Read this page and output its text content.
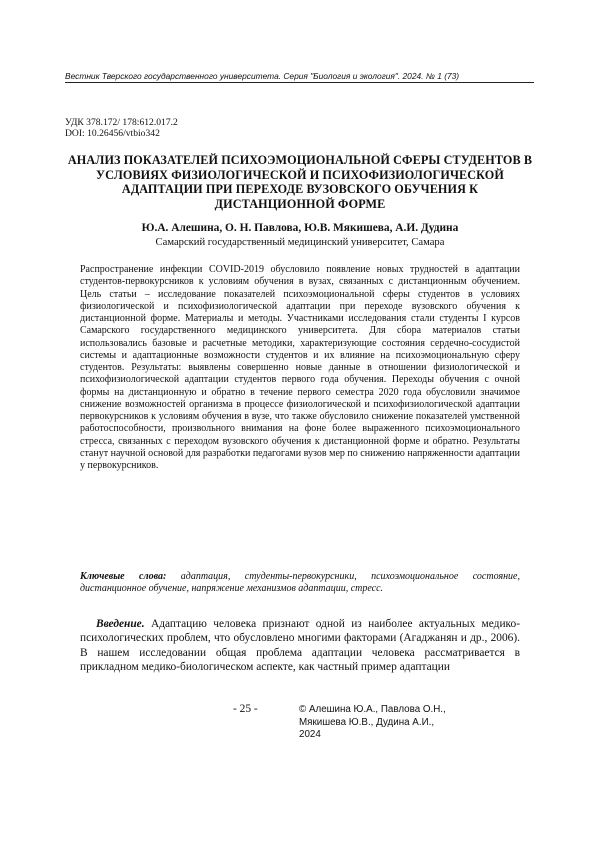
Вестник Тверского государственного университета. Серия "Биология и экология". 2024. № 1 (73)
УДК 378.172/ 178:612.017.2
DOI: 10.26456/vtbio342
АНАЛИЗ ПОКАЗАТЕЛЕЙ ПСИХОЭМОЦИОНАЛЬНОЙ СФЕРЫ СТУДЕНТОВ В УСЛОВИЯХ ФИЗИОЛОГИЧЕСКОЙ И ПСИХОФИЗИОЛОГИЧЕСКОЙ АДАПТАЦИИ ПРИ ПЕРЕХОДЕ ВУЗОВСКОГО ОБУЧЕНИЯ К ДИСТАНЦИОННОЙ ФОРМЕ
Ю.А. Алешина, О. Н. Павлова, Ю.В. Мякишева, А.И. Дудина
Самарский государственный медицинский университет, Самара

Распространение инфекции COVID-2019 обусловило появление новых трудностей в адаптации студентов-первокурсников к условиям обучения в вузах, связанных с дистанционным обучением. Цель статьи – исследование показателей психоэмоциональной сферы студентов в условиях физиологической и психофизиологической адаптации при переходе вузовского обучения к дистанционной форме. Материалы и методы. Участниками исследования стали студенты I курсов Самарского государственного медицинского университета. Для сбора материалов статьи использовались базовые и расчетные методики, характеризующие состояния сердечно-сосудистой системы и адаптационные возможности студентов и их влияние на психоэмоциональную сферу студентов. Результаты: выявлены совершенно новые данные в отношении физиологической и психофизиологической адаптации студентов первого года обучения. Переходы обучения с очной формы на дистанционную и обратно в течение первого семестра 2020 года обусловили значимое снижение возможностей организма в процессе физиологической и психофизиологической адаптации первокурсников к условиям обучения в вузе, что также обусловило снижение показателей умственной работоспособности, произвольного внимания на фоне более выраженного психоэмоционального стресса, связанных с переходом вузовского обучения к дистанционной форме и обратно. Результаты станут научной основой для разработки педагогами вузов мер по снижению напряженности адаптации у первокурсников.

Ключевые слова: адаптация, студенты-первокурсники, психоэмоциональное состояние, дистанционное обучение, напряжение механизмов адаптации, стресс.

Введение. Адаптацию человека признают одной из наиболее актуальных медико-психологических проблем, что обусловлено многими факторами (Агаджанян и др., 2006). В нашем исследовании общая проблема адаптации человека рассматривается в прикладном медико-биологическом аспекте, как частный пример адаптации

- 25 -	© Алешина Ю.А., Павлова О.Н.,
Мякишева Ю.В., Дудина А.И.,
2024
